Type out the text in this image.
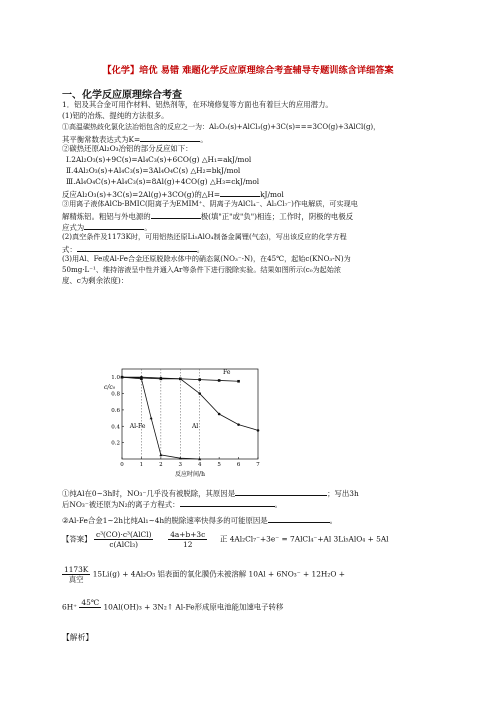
【化学】培优 易错 难题化学反应原理综合考查辅导专题训练含详细答案
一、化学反应原理综合考查
1．铝及其合金可用作材料、铝热剂等，在环境修复等方面也有着巨大的应用潜力。
(1)铝的冶炼、提纯的方法很多。
①高温碳热歧化氯化法冶铝包含的反应之一为：Al₂O₃(s)+AlCl₃(g)+3C(s)===3CO(g)+3AlCl(g)，
其平衡常数表达式为K=	。
②碳热还原Al₂O₃冶铝的部分反应如下：
Ⅰ.2Al₂O₃(s)+9C(s)=Al₄C₃(s)+6CO(g) △H₁=akJ/mol
Ⅱ.4Al₂O₃(s)+Al₄C₃(s)=3Al₄O₄C(s) △H₂=bkJ/mol
Ⅲ.Al₄O₄C(s)+Al₄C₃(s)=8Al(g)+4CO(g) △H₃=ckJ/mol
反应Al₂O₃(s)+3C(s)=2Al(g)+3CO(g)的△H=	kJ/mol
③用离子液体AlCb-BMIC(阳离子为EMIM⁺、阴离子为AlCl₄⁻、Al₂Cl₇⁻)作电解质，可实现电
解精炼铝。粗铝与外电源的	极(填"正"或"负")相连；工作时，阴极的电极反
应式为	。
(2)真空条件及1173K时，可用铝热还原Li₅AlO₄制备金属锂(气态)，写出该反应的化学方程
式：	。
(3)用Al、Fe或Al-Fe合金还原脱除水体中的硝态氮(NO₃⁻-N)，在45℃，起始c(KNO₃-N)为
50mg·L⁻¹、维持溶液呈中性并通入Ar等条件下进行脱除实验。结果如图所示(c₀为起始浓
度、c为剩余浓度)：
0	1	2	3	4	5	6	7
0.2
0.4
0.6
0.8
1.0
c/c₀
反应时间/h
Fe
Al-Fe	Al
①纯Al在0~3h时，NO₃⁻几乎没有被脱除，其原因是	；写出3h
后NO₃⁻被还原为N₂的离子方程式：	。
②Al-Fe合金1~2h比纯Al₁~4h的脱除速率快得多的可能原因是	。
【答案】 $\frac{\text{c³(CO)·c³(AlCl)}}{\text{c(AlCl₃)}}$
$\frac{4a+b+3c}{12}$ 正 4Al₂Cl₇⁻+3e⁻ = 7AlCl₄⁻+Al 3Li₅AlO₄ + 5Al
$\frac{1173K}{\text{真空}} 15Li(g) + 4Al_2O_3$ 铝表面的氧化膜仍未被溶解 10Al + 6NO₃⁻ + 12H₂O +
6H⁺ 45℃
10Al(OH)₃ + 3N₂↑ Al-Fe形成原电池能加速电子转移
【解析】
